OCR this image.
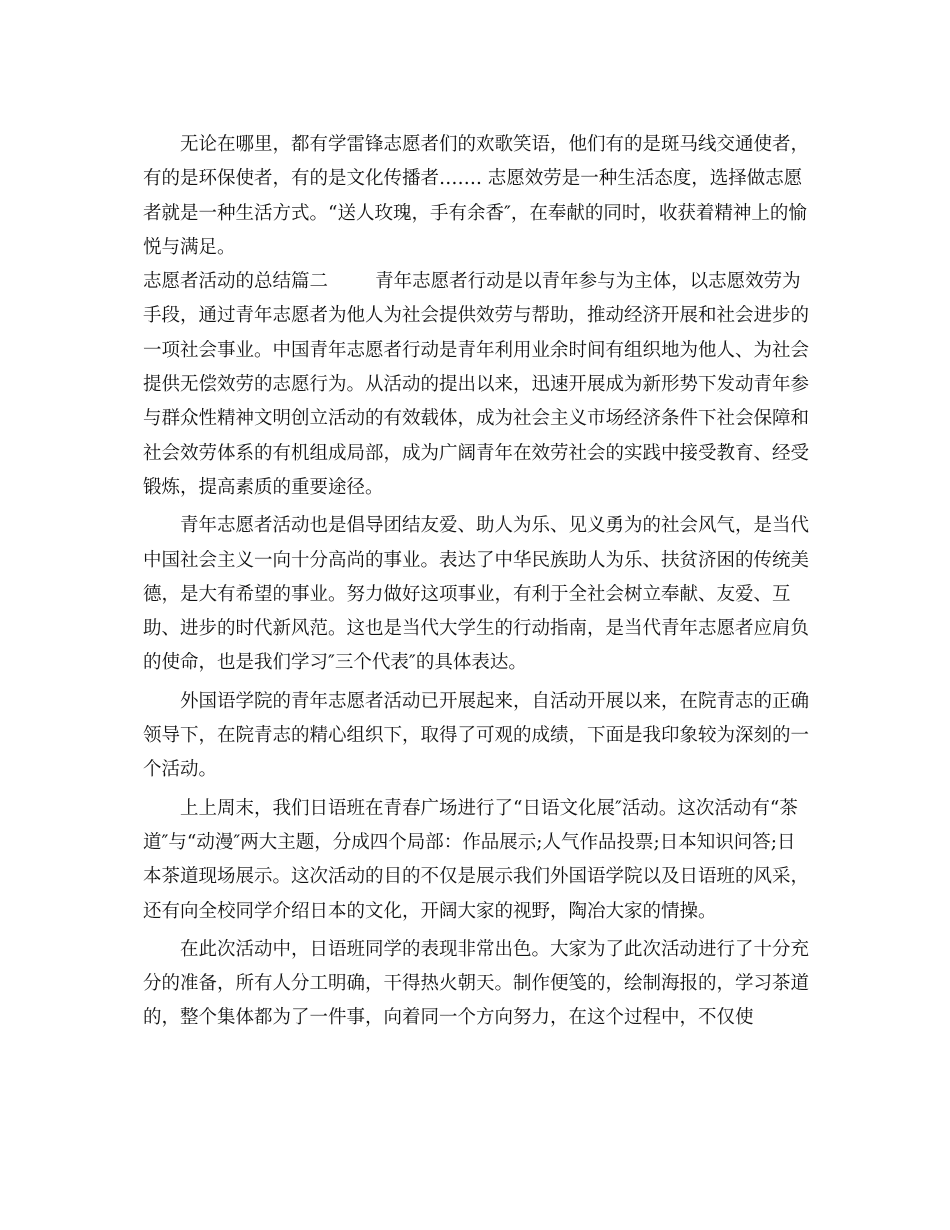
无论在哪里，都有学雷锋志愿者们的欢歌笑语，他们有的是斑马线交通使者，有的是环保使者，有的是文化传播者……. 志愿效劳是一种生活态度，选择做志愿者就是一种生活方式。“送人玫瑰，手有余香″，在奉献的同时，收获着精神上的愉悦与满足。

志愿者活动的总结篇二	青年志愿者行动是以青年参与为主体，以志愿效劳为手段，通过青年志愿者为他人为社会提供效劳与帮助，推动经济开展和社会进步的一项社会事业。中国青年志愿者行动是青年利用业余时间有组织地为他人、为社会提供无偿效劳的志愿行为。从活动的提出以来，迅速开展成为新形势下发动青年参与群众性精神文明创立活动的有效载体，成为社会主义市场经济条件下社会保障和社会效劳体系的有机组成局部，成为广阔青年在效劳社会的实践中接受教育、经受锻炼，提高素质的重要途径。

青年志愿者活动也是倡导团结友爱、助人为乐、见义勇为的社会风气，是当代中国社会主义一向十分高尚的事业。表达了中华民族助人为乐、扶贫济困的传统美德，是大有希望的事业。努力做好这项事业，有利于全社会树立奉献、友爱、互助、进步的时代新风范。这也是当代大学生的行动指南，是当代青年志愿者应肩负的使命，也是我们学习″三个代表″的具体表达。

外国语学院的青年志愿者活动已开展起来，自活动开展以来，在院青志的正确领导下，在院青志的精心组织下，取得了可观的成绩，下面是我印象较为深刻的一个活动。

上上周末，我们日语班在青春广场进行了“日语文化展″活动。这次活动有“茶道″与“动漫″两大主题，分成四个局部：作品展示;人气作品投票;日本知识问答;日本茶道现场展示。这次活动的目的不仅是展示我们外国语学院以及日语班的风采，还有向全校同学介绍日本的文化，开阔大家的视野，陶冶大家的情操。

在此次活动中，日语班同学的表现非常出色。大家为了此次活动进行了十分充分的准备，所有人分工明确，干得热火朝天。制作便笺的，绘制海报的，学习茶道的，整个集体都为了一件事，向着同一个方向努力，在这个过程中，不仅使
